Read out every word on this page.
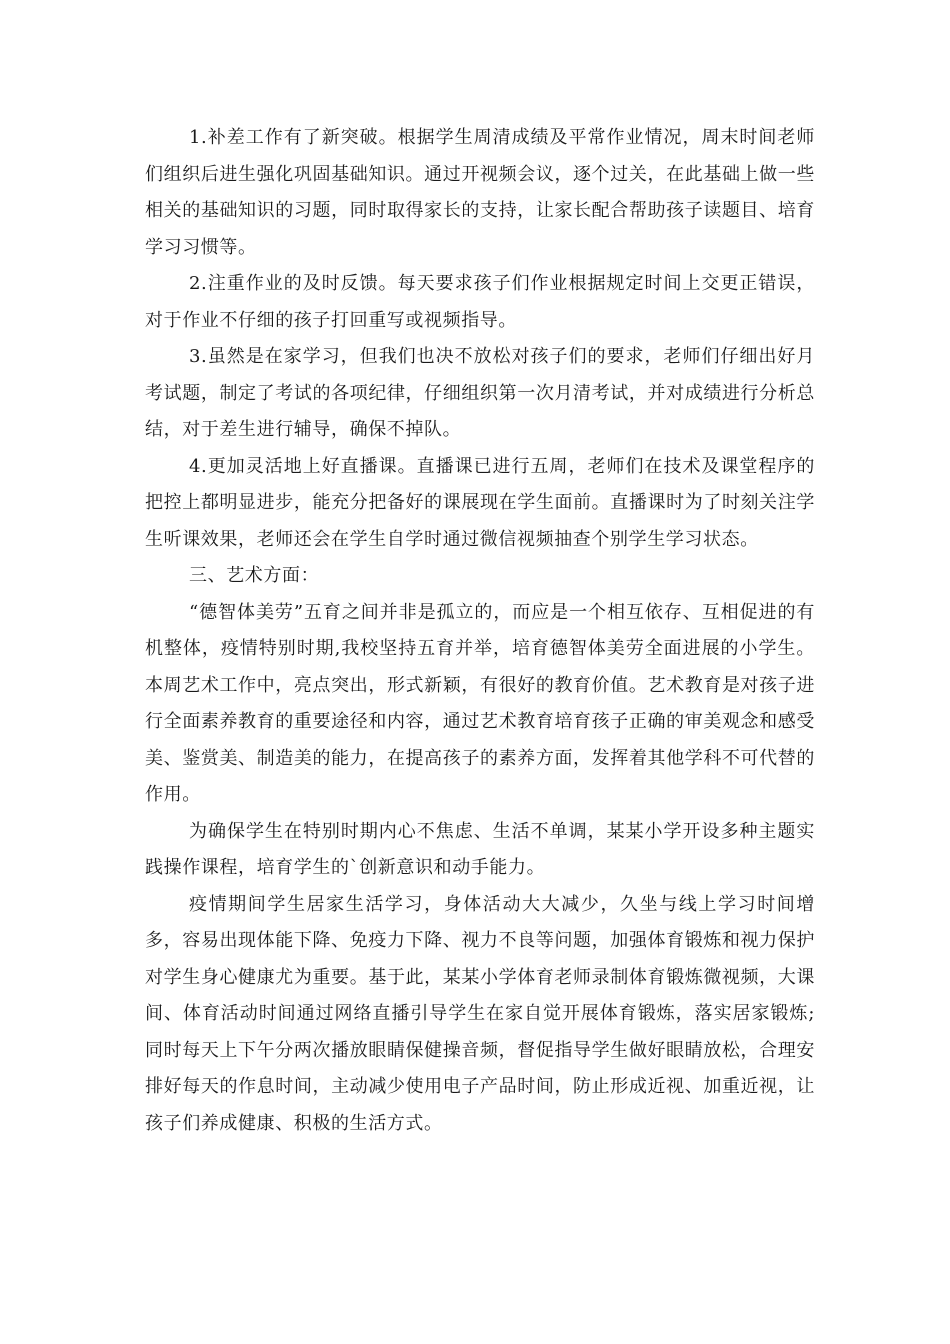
1.补差工作有了新突破。根据学生周清成绩及平常作业情况，周末时间老师们组织后进生强化巩固基础知识。通过开视频会议，逐个过关，在此基础上做一些相关的基础知识的习题，同时取得家长的支持，让家长配合帮助孩子读题目、培育学习习惯等。

2.注重作业的及时反馈。每天要求孩子们作业根据规定时间上交更正错误，对于作业不仔细的孩子打回重写或视频指导。

3.虽然是在家学习，但我们也决不放松对孩子们的要求，老师们仔细出好月考试题，制定了考试的各项纪律，仔细组织第一次月清考试，并对成绩进行分析总结，对于差生进行辅导，确保不掉队。

4.更加灵活地上好直播课。直播课已进行五周，老师们在技术及课堂程序的把控上都明显进步，能充分把备好的课展现在学生面前。直播课时为了时刻关注学生听课效果，老师还会在学生自学时通过微信视频抽查个别学生学习状态。

三、艺术方面：

“德智体美劳”五育之间并非是孤立的，而应是一个相互依存、互相促进的有机整体，疫情特别时期,我校坚持五育并举，培育德智体美劳全面进展的小学生。本周艺术工作中，亮点突出，形式新颖，有很好的教育价值。艺术教育是对孩子进行全面素养教育的重要途径和内容，通过艺术教育培育孩子正确的审美观念和感受美、鉴赏美、制造美的能力，在提高孩子的素养方面，发挥着其他学科不可代替的作用。

为确保学生在特别时期内心不焦虑、生活不单调，某某小学开设多种主题实践操作课程，培育学生的`创新意识和动手能力。

疫情期间学生居家生活学习，身体活动大大减少，久坐与线上学习时间增多，容易出现体能下降、免疫力下降、视力不良等问题，加强体育锻炼和视力保护对学生身心健康尤为重要。基于此，某某小学体育老师录制体育锻炼微视频，大课间、体育活动时间通过网络直播引导学生在家自觉开展体育锻炼，落实居家锻炼;同时每天上下午分两次播放眼睛保健操音频，督促指导学生做好眼睛放松，合理安排好每天的作息时间，主动减少使用电子产品时间，防止形成近视、加重近视，让孩子们养成健康、积极的生活方式。
